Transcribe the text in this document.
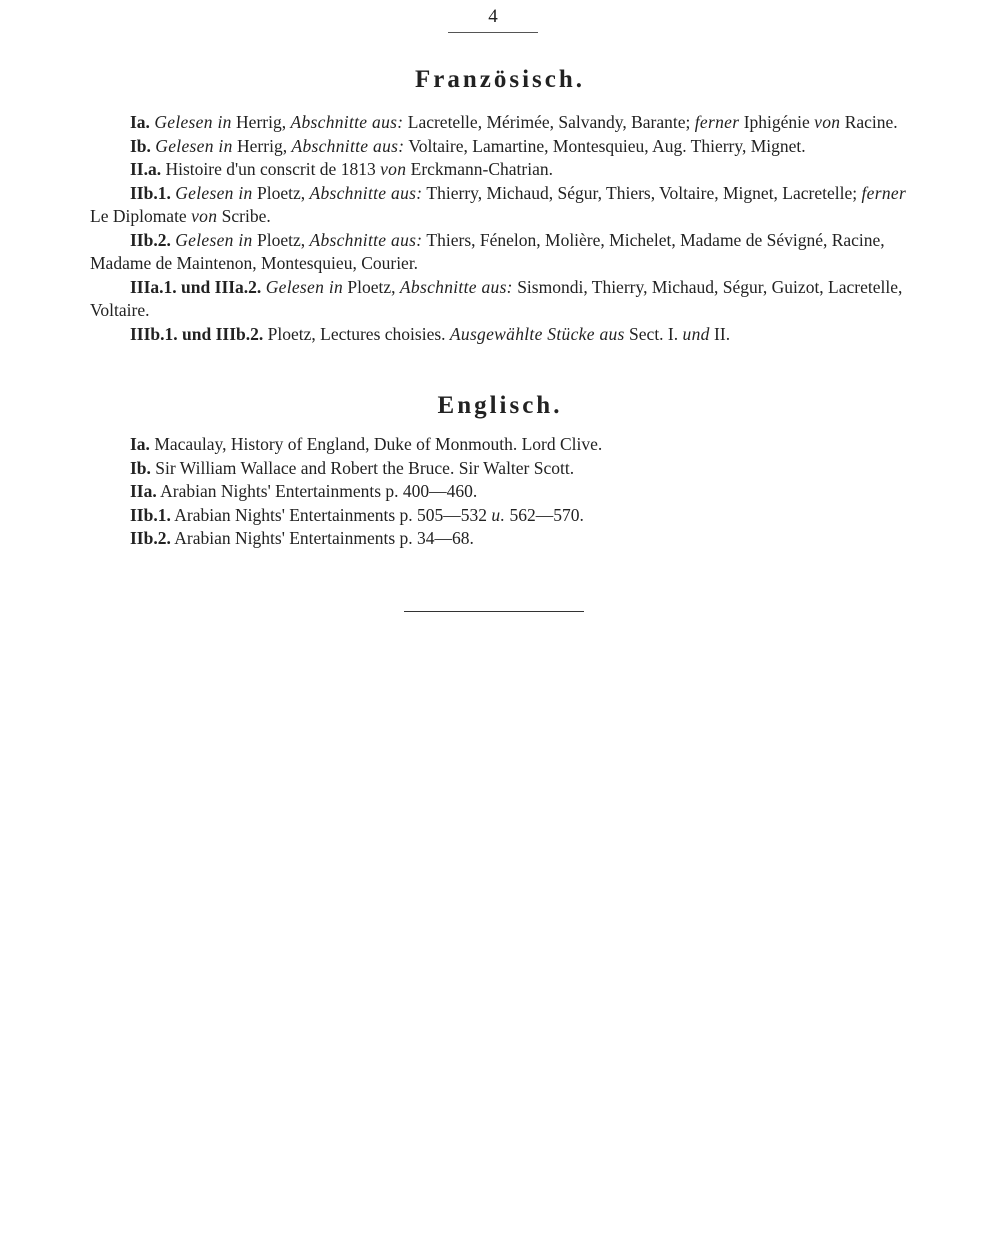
4
Französisch.

Ia. Gelesen in Herrig, Abschnitte aus: Lacretelle, Mérimée, Salvandy, Barante; ferner Iphigénie von Racine.

Ib. Gelesen in Herrig, Abschnitte aus: Voltaire, Lamartine, Montesquieu, Aug. Thierry, Mignet.

II.a. Histoire d'un conscrit de 1813 von Erckmann-Chatrian.

IIb.1. Gelesen in Ploetz, Abschnitte aus: Thierry, Michaud, Ségur, Thiers, Voltaire, Mignet, Lacretelle; ferner Le Diplomate von Scribe.

IIb.2. Gelesen in Ploetz, Abschnitte aus: Thiers, Fénelon, Molière, Michelet, Madame de Sévigné, Racine, Madame de Maintenon, Montesquieu, Courier.

IIIa.1. und IIIa.2. Gelesen in Ploetz, Abschnitte aus: Sismondi, Thierry, Michaud, Ségur, Guizot, Lacretelle, Voltaire.

IIIb.1. und IIIb.2. Ploetz, Lectures choisies. Ausgewählte Stücke aus Sect. I. und II.

Englisch.

Ia. Macaulay, History of England, Duke of Monmouth. Lord Clive.

Ib. Sir William Wallace and Robert the Bruce. Sir Walter Scott.

IIa. Arabian Nights' Entertainments p. 400—460.

IIb.1. Arabian Nights' Entertainments p. 505—532 u. 562—570.

IIb.2. Arabian Nights' Entertainments p. 34—68.
